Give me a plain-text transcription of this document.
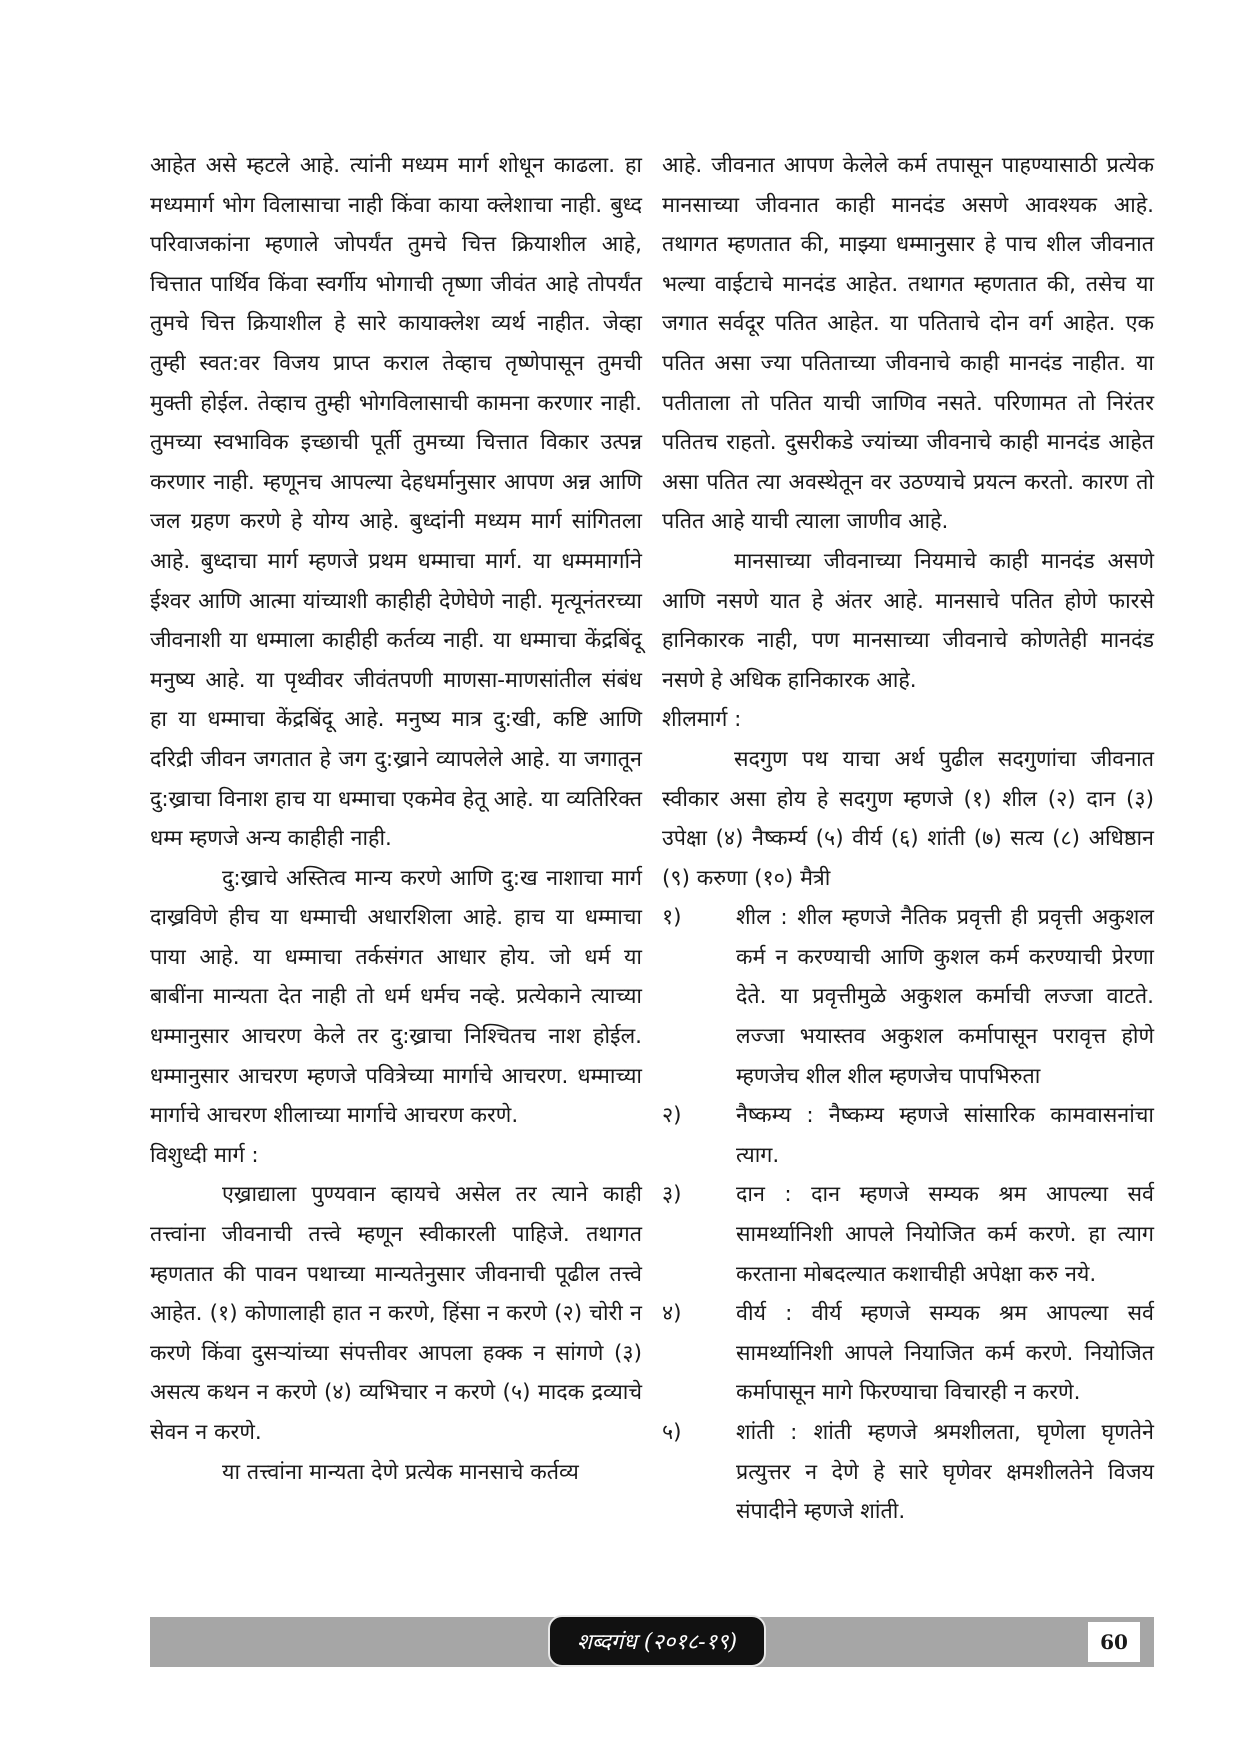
आहेत असे म्हटले आहे. त्यांनी मध्यम मार्ग शोधून काढला. हा मध्यमार्ग भोग विलासाचा नाही किंवा काया क्लेशाचा नाही. बुध्द परिवाजकांना म्हणाले जोपर्यंत तुमचे चित्त क्रियाशील आहे, चित्तात पार्थिव किंवा स्वर्गीय भोगाची तृष्णा जीवंत आहे तोपर्यंत तुमचे चित्त क्रियाशील हे सारे कायाक्लेश व्यर्थ नाहीत. जेव्हा तुम्ही स्वत:वर विजय प्राप्त कराल तेव्हाच तृष्णेपासून तुमची मुक्ती होईल. तेव्हाच तुम्ही भोगविलासाची कामना करणार नाही. तुमच्या स्वभाविक इच्छाची पूर्ती तुमच्या चित्तात विकार उत्पन्न करणार नाही. म्हणूनच आपल्या देहधर्मानुसार आपण अन्न आणि जल ग्रहण करणे हे योग्य आहे. बुध्दांनी मध्यम मार्ग सांगितला आहे. बुध्दाचा मार्ग म्हणजे प्रथम धम्माचा मार्ग. या धम्ममार्गाने ईश्वर आणि आत्मा यांच्याशी काहीही देणेघेणे नाही. मृत्यूनंतरच्या जीवनाशी या धम्माला काहीही कर्तव्य नाही. या धम्माचा केंद्रबिंदू मनुष्य आहे. या पृथ्वीवर जीवंतपणी माणसा-माणसांतील संबंध हा या धम्माचा केंद्रबिंदू आहे. मनुष्य मात्र दु:खी, कष्टि आणि दरिद्री जीवन जगतात हे जग दु:ख्राने व्यापलेले आहे. या जगातून दु:ख्राचा विनाश हाच या धम्माचा एकमेव हेतू आहे. या व्यतिरिक्त धम्म म्हणजे अन्य काहीही नाही.

दु:ख्राचे अस्तित्व मान्य करणे आणि दु:ख नाशाचा मार्ग दाख्रविणे हीच या धम्माची अधारशिला आहे. हाच या धम्माचा पाया आहे. या धम्माचा तर्कसंगत आधार होय. जो धर्म या बाबींना मान्यता देत नाही तो धर्म धर्मच नव्हे. प्रत्येकाने त्याच्या धम्मानुसार आचरण केले तर दु:ख्राचा निश्चितच नाश होईल. धम्मानुसार आचरण म्हणजे पवित्रेच्या मार्गाचे आचरण. धम्माच्या मार्गाचे आचरण शीलाच्या मार्गाचे आचरण करणे.

विशुध्दी मार्ग :

एख्राद्याला पुण्यवान व्हायचे असेल तर त्याने काही तत्त्वांना जीवनाची तत्त्वे म्हणून स्वीकारली पाहिजे. तथागत म्हणतात की पावन पथाच्या मान्यतेनुसार जीवनाची पूढील तत्त्वे आहेत. (१) कोणालाही हात न करणे, हिंसा न करणे (२) चोरी न करणे किंवा दुसऱ्यांच्या संपत्तीवर आपला हक्क न सांगणे (३) असत्य कथन न करणे (४) व्यभिचार न करणे (५) मादक द्रव्याचे सेवन न करणे.

या तत्त्वांना मान्यता देणे प्रत्येक मानसाचे कर्तव्य

आहे. जीवनात आपण केलेले कर्म तपासून पाहण्यासाठी प्रत्येक मानसाच्या जीवनात काही मानदंड असणे आवश्यक आहे. तथागत म्हणतात की, माझ्या धम्मानुसार हे पाच शील जीवनात भल्या वाईटाचे मानदंड आहेत. तथागत म्हणतात की, तसेच या जगात सर्वदूर पतित आहेत. या पतिताचे दोन वर्ग आहेत. एक पतित असा ज्या पतिताच्या जीवनाचे काही मानदंड नाहीत. या पतीताला तो पतित याची जाणिव नसते. परिणामत तो निरंतर पतितच राहतो. दुसरीकडे ज्यांच्या जीवनाचे काही मानदंड आहेत असा पतित त्या अवस्थेतून वर उठण्याचे प्रयत्न करतो. कारण तो पतित आहे याची त्याला जाणीव आहे.

मानसाच्या जीवनाच्या नियमाचे काही मानदंड असणे आणि नसणे यात हे अंतर आहे. मानसाचे पतित होणे फारसे हानिकारक नाही, पण मानसाच्या जीवनाचे कोणतेही मानदंड नसणे हे अधिक हानिकारक आहे.

शीलमार्ग :

सदगुण पथ याचा अर्थ पुढील सदगुणांचा जीवनात स्वीकार असा होय हे सदगुण म्हणजे (१) शील (२) दान (३) उपेक्षा (४) नैष्कर्म्य (५) वीर्य (६) शांती (७) सत्य (८) अधिष्ठान (९) करुणा (१०) मैत्री

१)	शील : शील म्हणजे नैतिक प्रवृत्ती ही प्रवृत्ती अकुशल कर्म न करण्याची आणि कुशल कर्म करण्याची प्रेरणा देते. या प्रवृत्तीमुळे अकुशल कर्माची लज्जा वाटते. लज्जा भयास्तव अकुशल कर्मापासून परावृत्त होणे म्हणजेच शील शील म्हणजेच पापभिरुता
२)	नैष्कम्य : नैष्कम्य म्हणजे सांसारिक कामवासनांचा त्याग.
३)	दान : दान म्हणजे सम्यक श्रम आपल्या सर्व सामर्थ्यानिशी आपले नियोजित कर्म करणे. हा त्याग करताना मोबदल्यात कशाचीही अपेक्षा करु नये.
४)	वीर्य : वीर्य म्हणजे सम्यक श्रम आपल्या सर्व सामर्थ्यानिशी आपले नियाजित कर्म करणे. नियोजित कर्मापासून मागे फिरण्याचा विचारही न करणे.
५)	शांती : शांती म्हणजे श्रमशीलता, घृणेला घृणतेने प्रत्युत्तर न देणे हे सारे घृणेवर क्षमशीलतेने विजय संपादीने म्हणजे शांती.
शब्दगंध (२०१८-१९)	60
